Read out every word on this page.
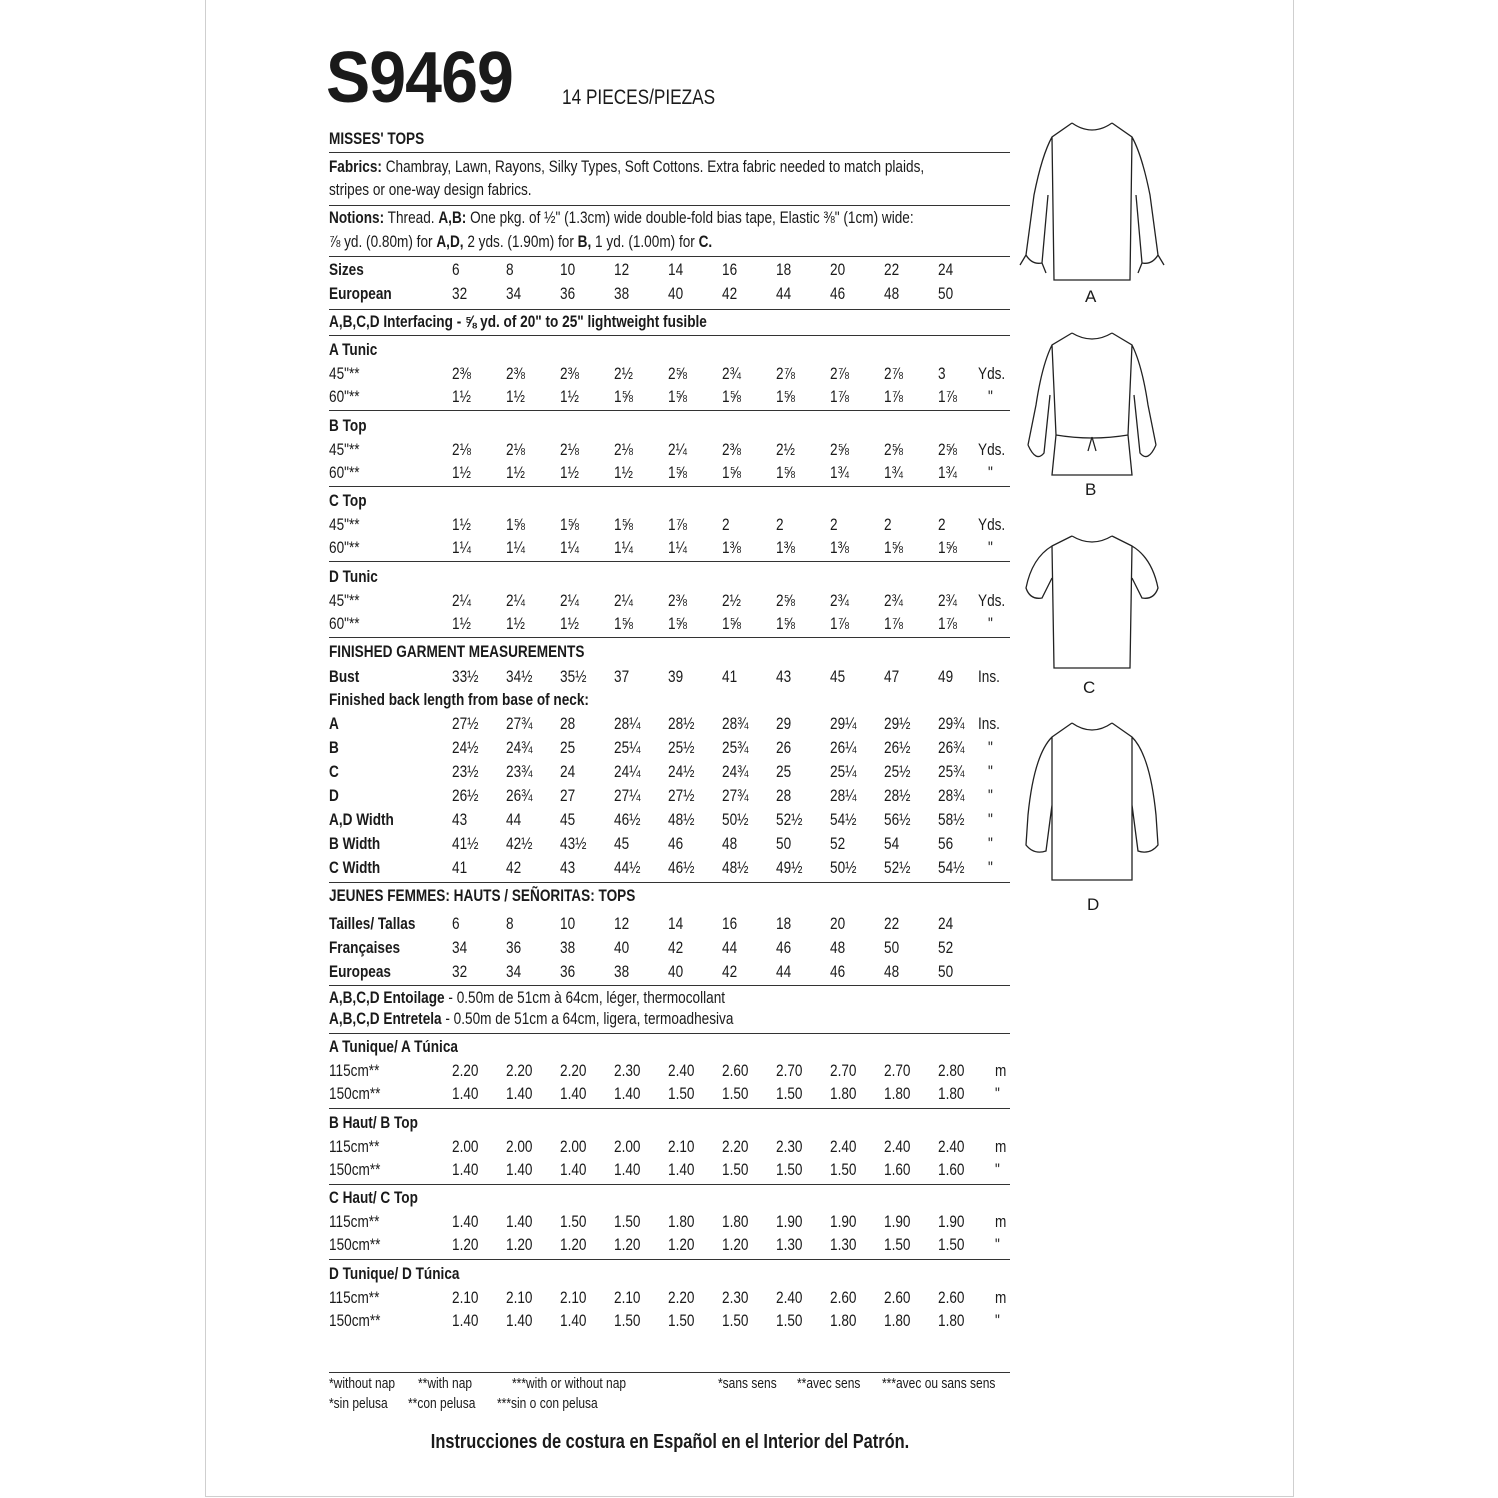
S9469 14 PIECES/PIEZAS
MISSES' TOPS
Fabrics: Chambray, Lawn, Rayons, Silky Types, Soft Cottons. Extra fabric needed to match plaids,
stripes or one-way design fabrics.
Notions: Thread. A,B: One pkg. of ½" (1.3cm) wide double-fold bias tape, Elastic ⅜" (1cm) wide:
⅞ yd. (0.80m) for A,D, 2 yds. (1.90m) for B, 1 yd. (1.00m) for C.
Sizes	6	8	10 12 14 16 18 20 22 24
European	32 34 36 38 40 42 44 46 48 50
A,B,C,D Interfacing - ⅝ yd. of 20" to 25" lightweight fusible
A Tunic
45"**	2⅜ 2⅜ 2⅜ 2½ 2⅝ 2¾ 2⅞ 2⅞ 2⅞ 3 Yds.
60"**	1½ 1½ 1½ 1⅝ 1⅝ 1⅝ 1⅝ 1⅞ 1⅞ 1⅞ "
B Top
45"**	2⅛ 2⅛ 2⅛ 2⅛ 2¼ 2⅜ 2½ 2⅝ 2⅝ 2⅝ Yds.
60"**	1½ 1½ 1½ 1½ 1⅝ 1⅝ 1⅝ 1¾ 1¾ 1¾ "
C Top
45"**	1½ 1⅝ 1⅝ 1⅝ 1⅞ 2	2	2	2	2 Yds.
60"**	1¼ 1¼ 1¼ 1¼ 1¼ 1⅜ 1⅜ 1⅜ 1⅝ 1⅝ "
D Tunic
45"**	2¼ 2¼ 2¼ 2¼ 2⅜ 2½ 2⅝ 2¾ 2¾ 2¾ Yds.
60"**	1½ 1½ 1½ 1⅝ 1⅝ 1⅝ 1⅝ 1⅞ 1⅞ 1⅞ "
FINISHED GARMENT MEASUREMENTS
Bust	33½ 34½ 35½ 37 39 41 43 45 47 49 Ins.
Finished back length from base of neck:
A	27½ 27¾ 28 28¼ 28½ 28¾ 29 29¼ 29½ 29¾ Ins.
B	24½ 24¾ 25 25¼ 25½ 25¾ 26 26¼ 26½ 26¾ "
C	23½ 23¾ 24 24¼ 24½ 24¾ 25 25¼ 25½ 25¾ "
D	26½ 26¾ 27 27¼ 27½ 27¾ 28 28¼ 28½ 28¾ "
A,D Width	43 44 45 46½ 48½ 50½ 52½ 54½ 56½ 58½ "
B Width	41½ 42½ 43½ 45 46 48 50 52 54 56 "
C Width	41 42 43 44½ 46½ 48½ 49½ 50½ 52½ 54½ "
JEUNES FEMMES: HAUTS / SEÑORITAS: TOPS
Tailles/ Tallas 6	8	10 12 14 16 18 20 22 24
Françaises	34 36 38 40 42 44 46 48 50 52
Europeas	32 34 36 38 40 42 44 46 48 50
A,B,C,D Entoilage - 0.50m de 51cm à 64cm, léger, thermocollant
A,B,C,D Entretela - 0.50m de 51cm a 64cm, ligera, termoadhesiva
A Tunique/ A Túnica
115cm**	2.20 2.20 2.20 2.30 2.40 2.60 2.70 2.70 2.70 2.80 m
150cm**	1.40 1.40 1.40 1.40 1.50 1.50 1.50 1.80 1.80 1.80 "
B Haut/ B Top
115cm**	2.00 2.00 2.00 2.00 2.10 2.20 2.30 2.40 2.40 2.40 m
150cm**	1.40 1.40 1.40 1.40 1.40 1.50 1.50 1.50 1.60 1.60 "
C Haut/ C Top
115cm**	1.40 1.40 1.50 1.50 1.80 1.80 1.90 1.90 1.90 1.90 m
150cm**	1.20 1.20 1.20 1.20 1.20 1.20 1.30 1.30 1.50 1.50 "
D Tunique/ D Túnica
115cm**	2.10 2.10 2.10 2.10 2.20 2.30 2.40 2.60 2.60 2.60 m
150cm**	1.40 1.40 1.40 1.50 1.50 1.50 1.50 1.80 1.80 1.80 "
*without nap **with nap	***with or without nap
*sin pelusa **con pelusa ***sin o con pelusa
*sans sens **avec sens ***avec ou sans sens
Instrucciones de costura en Español en el Interior del Patrón.
A
B
C
D
